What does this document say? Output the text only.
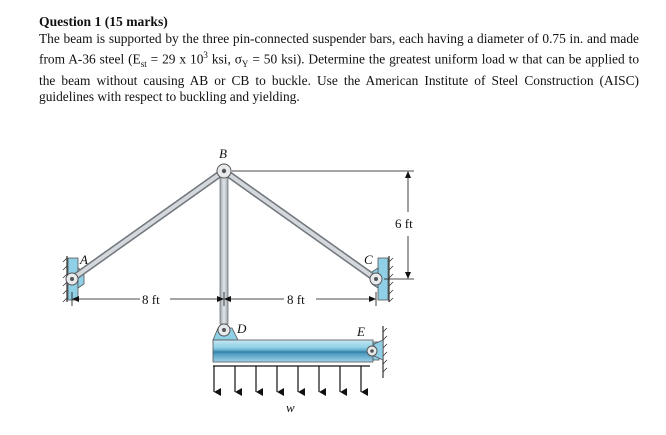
Question 1 (15 marks)
The beam is supported by the three pin-connected suspender bars, each having a diameter of 0.75 in. and made from A-36 steel ($E_{st} = 29$ x $10^3$ ksi, $\sigma_Y = 50$ ksi). Determine the greatest uniform load w that can be applied to the beam without causing AB or CB to buckle. Use the American Institute of Steel Construction (AISC) guidelines with respect to buckling and yielding.
A
B
C
D	E
w
8 ft	8 ft
6 ft
